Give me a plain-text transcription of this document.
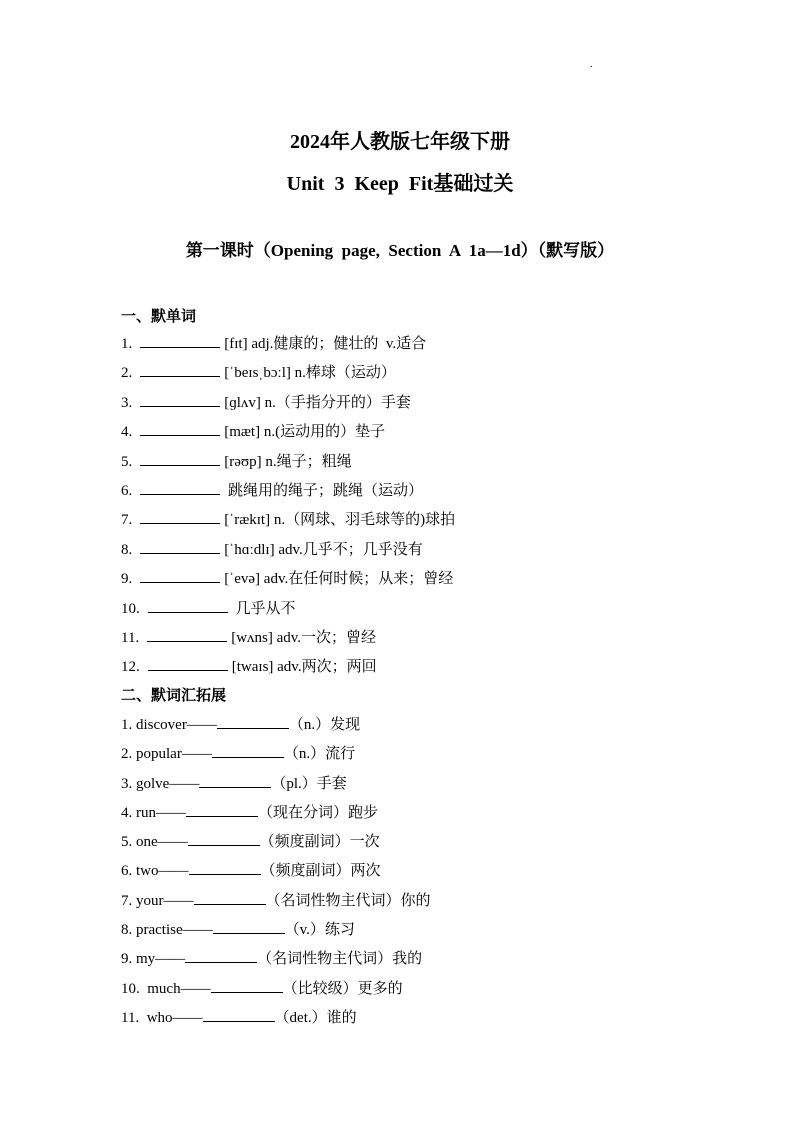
.
2024年人教版七年级下册
Unit  3  Keep  Fit基础过关
第一课时（Opening  page,  Section  A  1a—1d）（默写版）
一、默单词
1.	[fɪt] adj.健康的；健壮的  v.适合
2.	[ˈbeɪsˌbɔːl] n.棒球（运动）
3.	[ɡlʌv] n.（手指分开的）手套
4.	[mæt] n.(运动用的）垫子
5.	[rəʊp] n.绳子；粗绳
6.	跳绳用的绳子；跳绳（运动）
7.	[ˈrækɪt] n.（网球、羽毛球等的)球拍
8.	[ˈhɑːdlɪ] adv.几乎不；几乎没有
9.	[ˈevə] adv.在任何时候；从来；曾经
10.	几乎从不
11.	[wʌns] adv.一次；曾经
12.	[twaɪs] adv.两次；两回
二、默词汇拓展
1. discover——	（n.）发现
2. popular——	（n.）流行
3. golve——	（pl.）手套
4. run——	（现在分词）跑步
5. one——	（频度副词）一次
6. two——	（频度副词）两次
7. your——	（名词性物主代词）你的
8. practise——	（v.）练习
9. my——	（名词性物主代词）我的
10. much——	（比较级）更多的
11. who——	（det.）谁的
